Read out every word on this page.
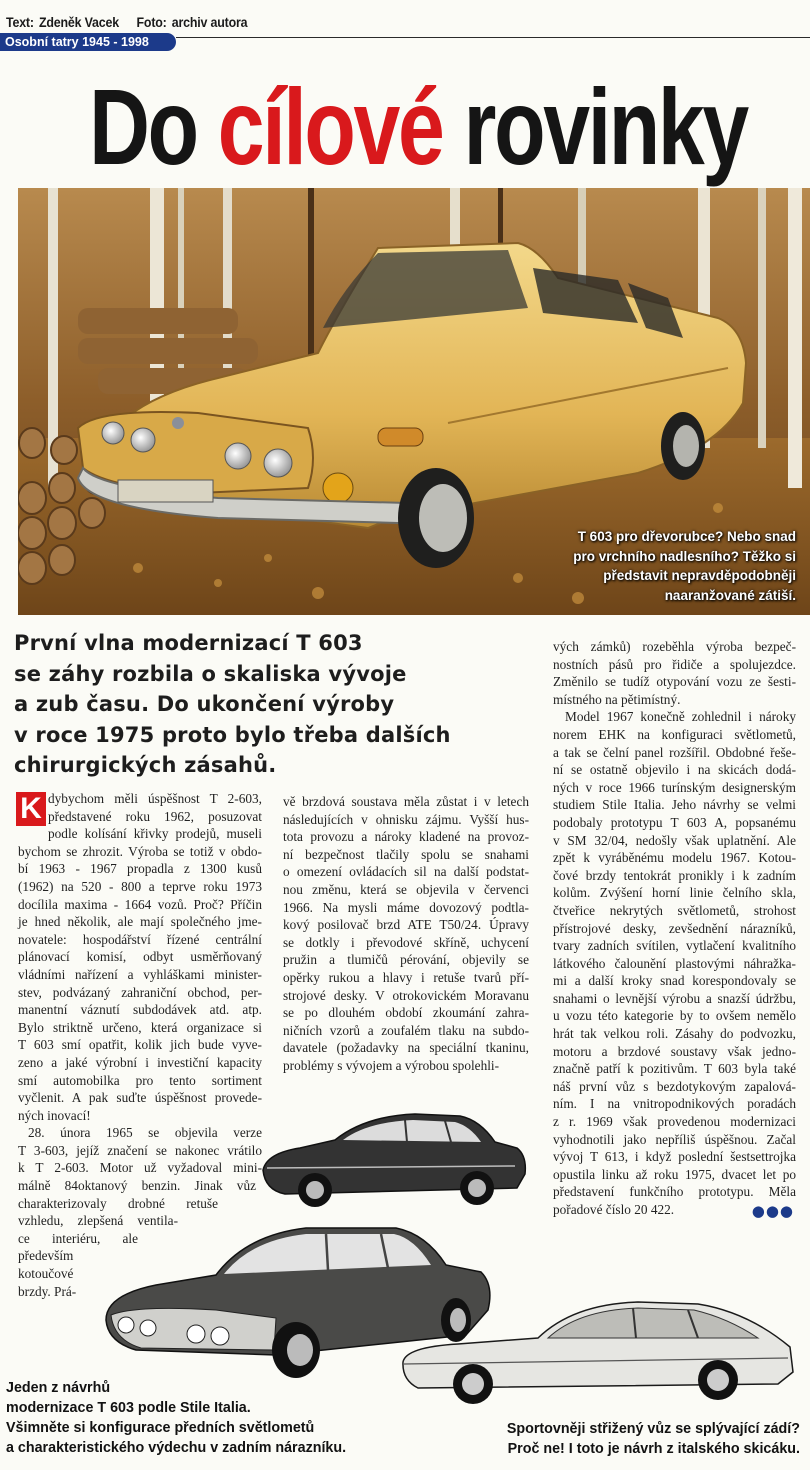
Text: Zdeněk Vacek Foto: archiv autora
Osobní tatry 1945 - 1998
Do cílové rovinky
T 603 pro dřevorubce? Nebo snad
pro vrchního nadlesního? Těžko si
představit nepravděpodobněji
naaranžované zátiší.
První vlna modernizací T 603
se záhy rozbila o skaliska vývoje
a zub času. Do ukončení výroby
v roce 1975 proto bylo třeba dalších
chirurgických zásahů.
K dybychom měli úspěšnost T 2-603,
představené roku 1962, posuzovat
podle kolísání křivky prodejů, museli
bychom se zhrozit. Výroba se totiž v obdo-
bí 1963 - 1967 propadla z 1300 kusů
(1962) na 520 - 800 a teprve roku 1973
docílila maxima - 1664 vozů. Proč? Příčin
je hned několik, ale mají společného jme-
novatele: hospodářství řízené centrální
plánovací komisí, odbyt usměrňovaný
vládními nařízení a vyhláškami minister-
stev, podvázaný zahraniční obchod, per-
manentní váznutí subdodávek atd. atp.
Bylo striktně určeno, která organizace si
T 603 smí opatřit, kolik jich bude vyve-
zeno a jaké výrobní i investiční kapacity
smí automobilka pro tento sortiment
vyčlenit. A pak suďte úspěšnost provede-
ných inovací!
28. února 1965 se objevila verze
T 3-603, jejíž značení se nakonec vrátilo
k T 2-603. Motor už vyžadoval mini-
málně 84oktanový benzin. Jinak vůz
charakterizovaly drobné retuše
vzhledu, zlepšená ventila-
ce interiéru, ale
především
kotoučové
brzdy. Prá-
vě brzdová soustava měla zůstat i v letech
následujících v ohnisku zájmu. Vyšší hus-
tota provozu a nároky kladené na provoz-
ní bezpečnost tlačily spolu se snahami
o omezení ovládacích sil na další podstat-
nou změnu, která se objevila v červenci
1966. Na mysli máme dovozový podtla-
kový posilovač brzd ATE T50/24. Úpravy
se dotkly i převodové skříně, uchycení
pružin a tlumičů pérování, objevily se
opěrky rukou a hlavy i retuše tvarů pří-
strojové desky. V otrokovickém Moravanu
se po dlouhém období zkoumání zahra-
ničních vzorů a zoufalém tlaku na subdo-
davatele (požadavky na speciální tkaninu,
problémy s vývojem a výrobou spolehli-
vých zámků) rozeběhla výroba bezpeč-
nostních pásů pro řidiče a spolujezdce.
Změnilo se tudíž otypování vozu ze šesti-
místného na pětimístný.
Model 1967 konečně zohlednil i nároky
norem EHK na konfiguraci světlometů,
a tak se čelní panel rozšířil. Obdobné řeše-
ní se ostatně objevilo i na skicách dodá-
ných v roce 1966 turínským designerským
studiem Stile Italia. Jeho návrhy se velmi
podobaly prototypu T 603 A, popsanému
v SM 32/04, nedošly však uplatnění. Ale
zpět k vyráběnému modelu 1967. Kotou-
čové brzdy tentokrát pronikly i k zadním
kolům. Zvýšení horní linie čelního skla,
čtveřice nekrytých světlometů, strohost
přístrojové desky, zevšednění nárazníků,
tvary zadních svítilen, vytlačení kvalitního
látkového čalounění plastovými náhražka-
mi a další kroky snad korespondovaly se
snahami o levnější výrobu a snazší údržbu,
u vozu této kategorie by to ovšem nemělo
hrát tak velkou roli. Zásahy do podvozku,
motoru a brzdové soustavy však jedno-
značně patří k pozitivům. T 603 byla také
náš první vůz s bezdotykovým zapalová-
ním. I na vnitropodnikových poradách
z r. 1969 však provedenou modernizaci
vyhodnotili jako nepříliš úspěšnou. Začal
vývoj T 613, i když poslední šestsettrojka
opustila linku až roku 1975, dvacet let po
představení funkčního prototypu. Měla
pořadové číslo 20 422.	●●●
Jeden z návrhů
modernizace T 603 podle Stile Italia.
Všimněte si konfigurace předních světlometů
a charakteristického výdechu v zadním nárazníku.
Sportovněji střižený vůz se splývající zádí?
Proč ne! I toto je návrh z italského skicáku.
